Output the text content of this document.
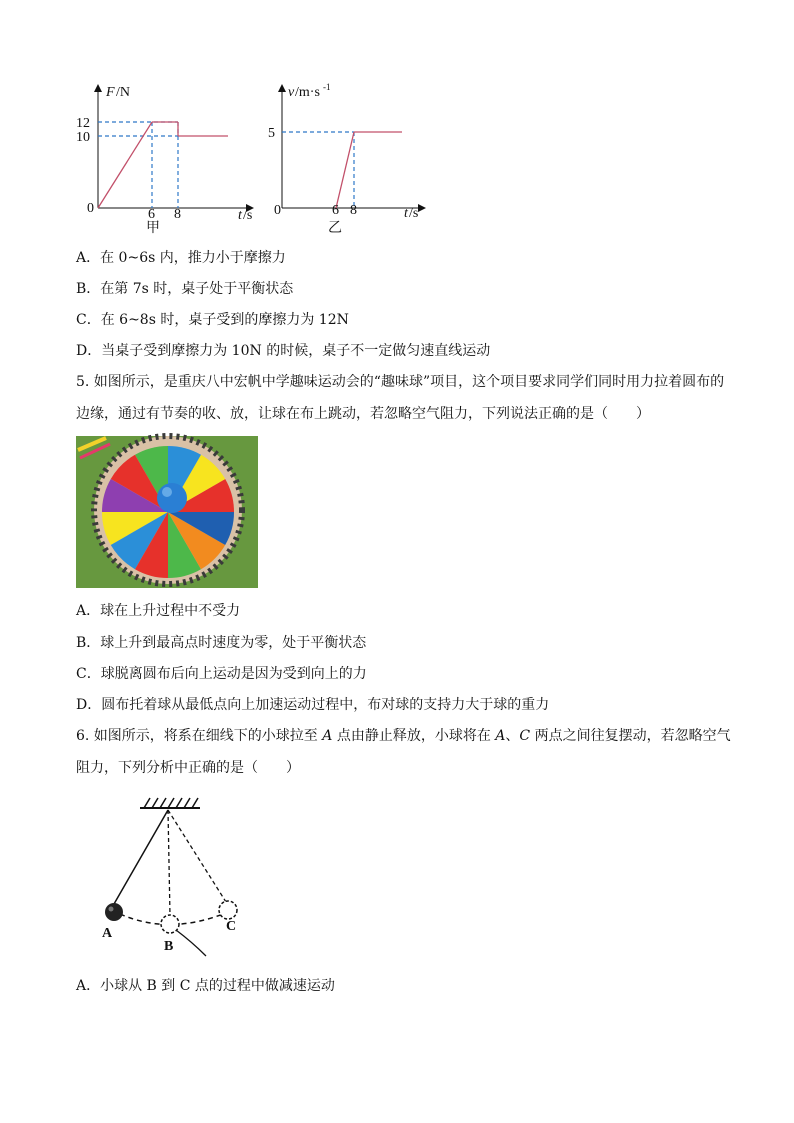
F /N
12
10
0	6 8	t /s
甲
v /m·s -1
5
0	6 8	t /s
乙
A．在 0~6s 内，推力小于摩擦力
B．在第 7s 时，桌子处于平衡状态
C．在 6~8s 时，桌子受到的摩擦力为 12N
D．当桌子受到摩擦力为 10N 的时候，桌子不一定做匀速直线运动
5. 如图所示，是重庆八中宏帆中学趣味运动会的“趣味球”项目，这个项目要求同学们同时用力拉着圆布的
边缘，通过有节奏的收、放，让球在布上跳动，若忽略空气阻力，下列说法正确的是（　　）
A．球在上升过程中不受力
B．球上升到最高点时速度为零，处于平衡状态
C．球脱离圆布后向上运动是因为受到向上的力
D．圆布托着球从最低点向上加速运动过程中，布对球的支持力大于球的重力
6. 如图所示，将系在细线下的小球拉至 A 点由静止释放，小球将在 A、C 两点之间往复摆动，若忽略空气
阻力，下列分析中正确的是（　　）
A
B
C
A．小球从 B 到 C 点的过程中做减速运动
